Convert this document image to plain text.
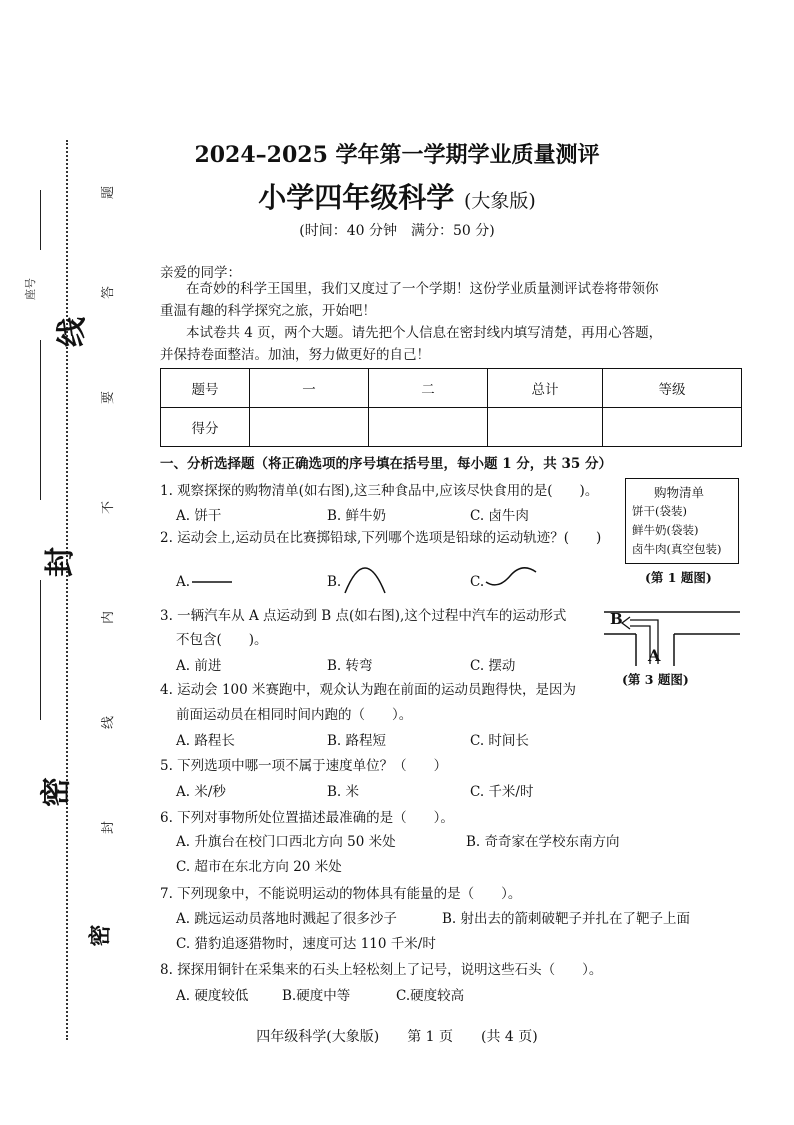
座号
线
封
密
密
题
答
要
不
内
线
封
2024–2025 学年第一学期学业质量测评
小学四年级科学 (大象版)
(时间：40 分钟　满分：50 分)
亲爱的同学：
在奇妙的科学王国里，我们又度过了一个学期！这份学业质量测评试卷将带领你
重温有趣的科学探究之旅，开始吧！
本试卷共 4 页，两个大题。请先把个人信息在密封线内填写清楚，再用心答题，
并保持卷面整洁。加油，努力做更好的自己！
题号	一	二	总计	等级
得分				
一、分析选择题（将正确选项的序号填在括号里，每小题 1 分，共 35 分）
1. 观察探探的购物清单(如右图),这三种食品中,应该尽快食用的是(　　)。
A. 饼干	B. 鲜牛奶	C. 卤牛肉
购物清单
饼干(袋装)
鲜牛奶(袋装)
卤牛肉(真空包装)
(第 1 题图)
2. 运动会上,运动员在比赛掷铅球,下列哪个选项是铅球的运动轨迹？(　　)
A.	B.	C.
3. 一辆汽车从 A 点运动到 B 点(如右图),这个过程中汽车的运动形式
不包含(　　)。
A. 前进	B. 转弯	C. 摆动
B
A
(第 3 题图)
4. 运动会 100 米赛跑中，观众认为跑在前面的运动员跑得快，是因为
前面运动员在相同时间内跑的（　　）。
A. 路程长	B. 路程短	C. 时间长
5. 下列选项中哪一项不属于速度单位？（　　）
A. 米/秒	B. 米	C. 千米/时
6. 下列对事物所处位置描述最准确的是（　　）。
A. 升旗台在校门口西北方向 50 米处	B. 奇奇家在学校东南方向
C. 超市在东北方向 20 米处
7. 下列现象中，不能说明运动的物体具有能量的是（　　）。
A. 跳远运动员落地时溅起了很多沙子	B. 射出去的箭刺破靶子并扎在了靶子上面
C. 猎豹追逐猎物时，速度可达 110 千米/时
8. 探探用铜针在采集来的石头上轻松刻上了记号，说明这些石头（　　）。
A. 硬度较低 B.硬度中等	C.硬度较高
四年级科学(大象版)　　第 1 页　　(共 4 页)
